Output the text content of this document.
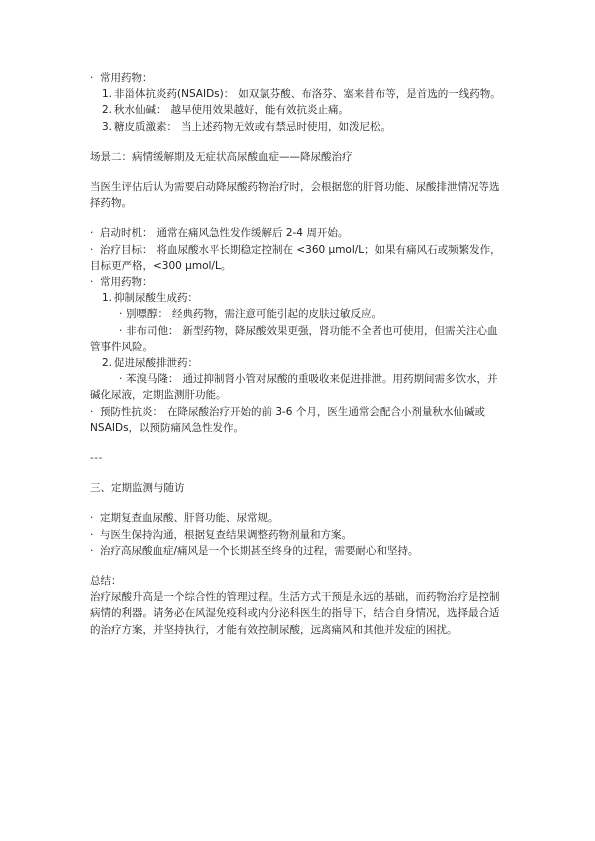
· 常用药物：

1. 非甾体抗炎药(NSAIDs)： 如双氯芬酸、布洛芬、塞来昔布等，是首选的一线药物。

2. 秋水仙碱： 越早使用效果越好，能有效抗炎止痛。

3. 糖皮质激素： 当上述药物无效或有禁忌时使用，如泼尼松。

场景二：病情缓解期及无症状高尿酸血症——降尿酸治疗

当医生评估后认为需要启动降尿酸药物治疗时，会根据您的肝肾功能、尿酸排泄情况等选择药物。

· 启动时机： 通常在痛风急性发作缓解后 2-4 周开始。

· 治疗目标： 将血尿酸水平长期稳定控制在 <360 μmol/L；如果有痛风石或频繁发作，目标更严格，<300 μmol/L。

· 常用药物：

1. 抑制尿酸生成药：

· 别嘌醇： 经典药物，需注意可能引起的皮肤过敏反应。

· 非布司他： 新型药物，降尿酸效果更强，肾功能不全者也可使用，但需关注心血管事件风险。

2. 促进尿酸排泄药：

· 苯溴马隆： 通过抑制肾小管对尿酸的重吸收来促进排泄。用药期间需多饮水，并碱化尿液，定期监测肝功能。

· 预防性抗炎： 在降尿酸治疗开始的前 3-6 个月，医生通常会配合小剂量秋水仙碱或NSAIDs，以预防痛风急性发作。

---

三、定期监测与随访

· 定期复查血尿酸、肝肾功能、尿常规。

· 与医生保持沟通，根据复查结果调整药物剂量和方案。

· 治疗高尿酸血症/痛风是一个长期甚至终身的过程，需要耐心和坚持。

总结：

治疗尿酸升高是一个综合性的管理过程。生活方式干预是永远的基础，而药物治疗是控制病情的利器。请务必在风湿免疫科或内分泌科医生的指导下，结合自身情况，选择最合适的治疗方案，并坚持执行，才能有效控制尿酸，远离痛风和其他并发症的困扰。
